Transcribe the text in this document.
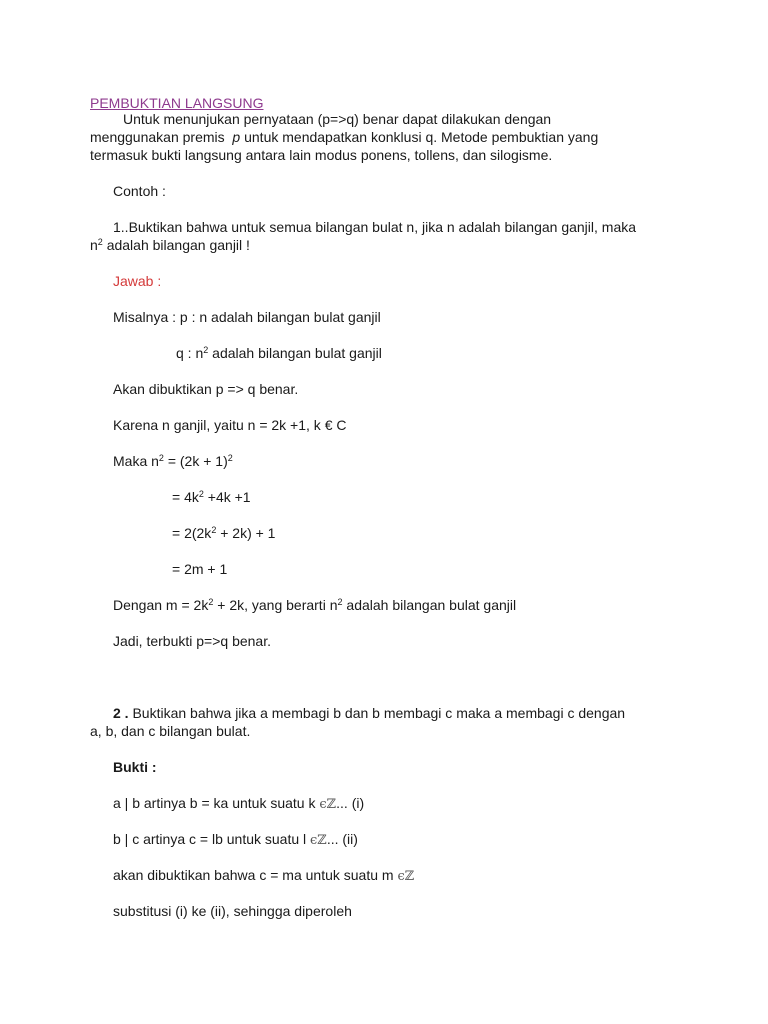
PEMBUKTIAN LANGSUNG
Untuk menunjukan pernyataan (p=>q) benar dapat dilakukan dengan
menggunakan premis p untuk mendapatkan konklusi q. Metode pembuktian yang
termasuk bukti langsung antara lain modus ponens, tollens, dan silogisme.
Contoh :
1..Buktikan bahwa untuk semua bilangan bulat n, jika n adalah bilangan ganjil, maka
$n^2$ adalah bilangan ganjil !
Jawab :
Misalnya : p : n adalah bilangan bulat ganjil
q : $n^2$ adalah bilangan bulat ganjil
Akan dibuktikan p => q benar.
Karena n ganjil, yaitu n = 2k +1, k € C
Maka $n^2 = (2k + 1)^2$
= $4k^2 +4k +1$
= $2(2k^2 + 2k) + 1$
= 2m + 1
Dengan $m = 2k^2 + 2k$, yang berarti $n^2$ adalah bilangan bulat ganjil
Jadi, terbukti p=>q benar.
2 . Buktikan bahwa jika a membagi b dan b membagi c maka a membagi c dengan
a, b, dan c bilangan bulat.
Bukti :
a | b artinya b = ka untuk suatu k ϵℤ... (i)
b | c artinya c = lb untuk suatu l ϵℤ... (ii)
akan dibuktikan bahwa c = ma untuk suatu m ϵℤ
substitusi (i) ke (ii), sehingga diperoleh
